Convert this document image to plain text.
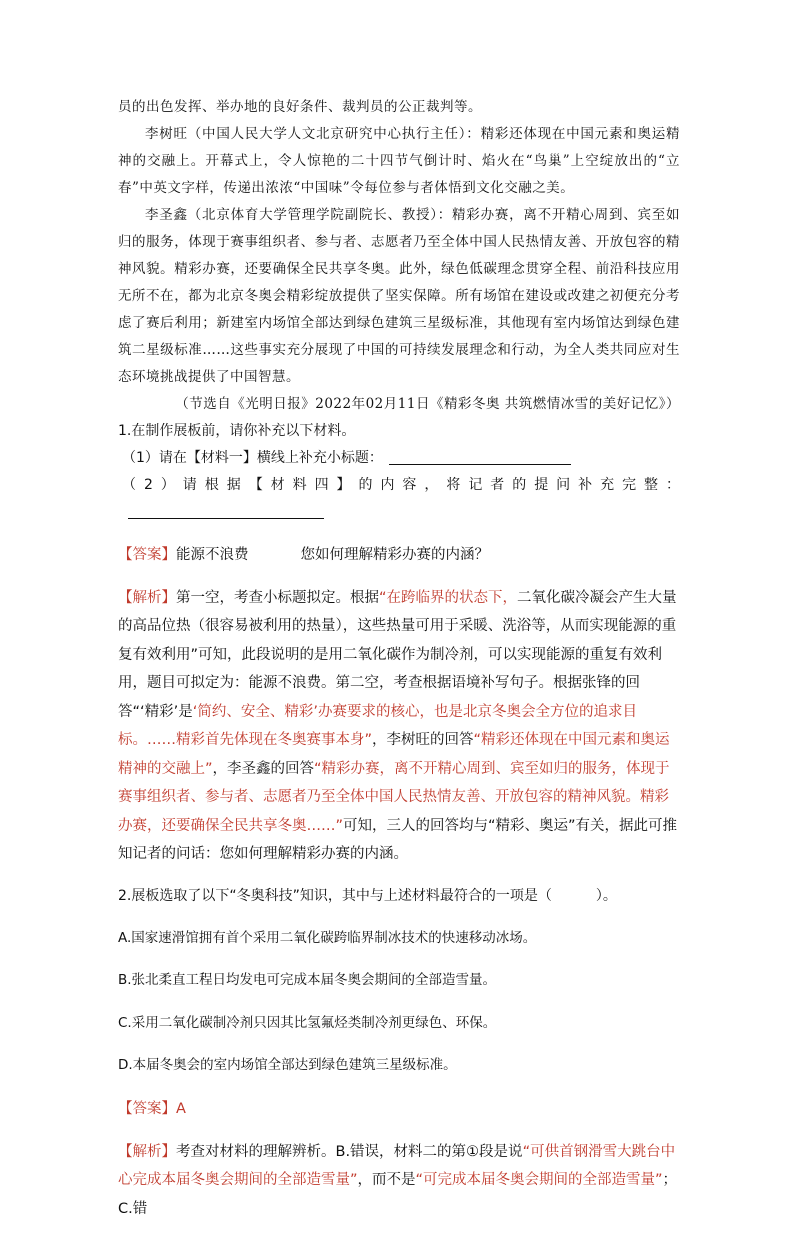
员的出色发挥、举办地的良好条件、裁判员的公正裁判等。

李树旺（中国人民大学人文北京研究中心执行主任）：精彩还体现在中国元素和奥运精神的交融上。开幕式上，令人惊艳的二十四节气倒计时、焰火在“鸟巢”上空绽放出的“立春”中英文字样，传递出浓浓“中国味”令每位参与者体悟到文化交融之美。

李圣鑫（北京体育大学管理学院副院长、教授）：精彩办赛，离不开精心周到、宾至如归的服务，体现于赛事组织者、参与者、志愿者乃至全体中国人民热情友善、开放包容的精神风貌。精彩办赛，还要确保全民共享冬奥。此外，绿色低碳理念贯穿全程、前沿科技应用无所不在，都为北京冬奥会精彩绽放提供了坚实保障。所有场馆在建设或改建之初便充分考虑了赛后利用；新建室内场馆全部达到绿色建筑三星级标准，其他现有室内场馆达到绿色建筑二星级标准……这些事实充分展现了中国的可持续发展理念和行动，为全人类共同应对生态环境挑战提供了中国智慧。

（节选自《光明日报》2022年02月11日《精彩冬奥 共筑燃情冰雪的美好记忆》）

1.在制作展板前，请你补充以下材料。

（1）请在【材料一】横线上补充小标题：

（2）请根据【材料四】的内容，将记者的提问补充完整：

【答案】能源不浪费	您如何理解精彩办赛的内涵？

【解析】第一空，考查小标题拟定。根据“在跨临界的状态下，二氧化碳冷凝会产生大量的高品位热（很容易被利用的热量），这些热量可用于采暖、洗浴等，从而实现能源的重复有效利用”可知，此段说明的是用二氧化碳作为制冷剂，可以实现能源的重复有效利用，题目可拟定为：能源不浪费。第二空，考查根据语境补写句子。根据张锋的回答“‘精彩’是‘简约、安全、精彩’办赛要求的核心，也是北京冬奥会全方位的追求目标。……精彩首先体现在冬奥赛事本身”，李树旺的回答“精彩还体现在中国元素和奥运精神的交融上”，李圣鑫的回答“精彩办赛，离不开精心周到、宾至如归的服务，体现于赛事组织者、参与者、志愿者乃至全体中国人民热情友善、开放包容的精神风貌。精彩办赛，还要确保全民共享冬奥……”可知，三人的回答均与“精彩、奥运”有关，据此可推知记者的问话：您如何理解精彩办赛的内涵。

2.展板选取了以下“冬奥科技”知识，其中与上述材料最符合的一项是（	）。

A.国家速滑馆拥有首个采用二氧化碳跨临界制冰技术的快速移动冰场。

B.张北柔直工程日均发电可完成本届冬奥会期间的全部造雪量。

C.采用二氧化碳制冷剂只因其比氢氟烃类制冷剂更绿色、环保。

D.本届冬奥会的室内场馆全部达到绿色建筑三星级标准。

【答案】A

【解析】考查对材料的理解辨析。B.错误，材料二的第①段是说“可供首钢滑雪大跳台中心完成本届冬奥会期间的全部造雪量”，而不是“可完成本届冬奥会期间的全部造雪量”；C.错
